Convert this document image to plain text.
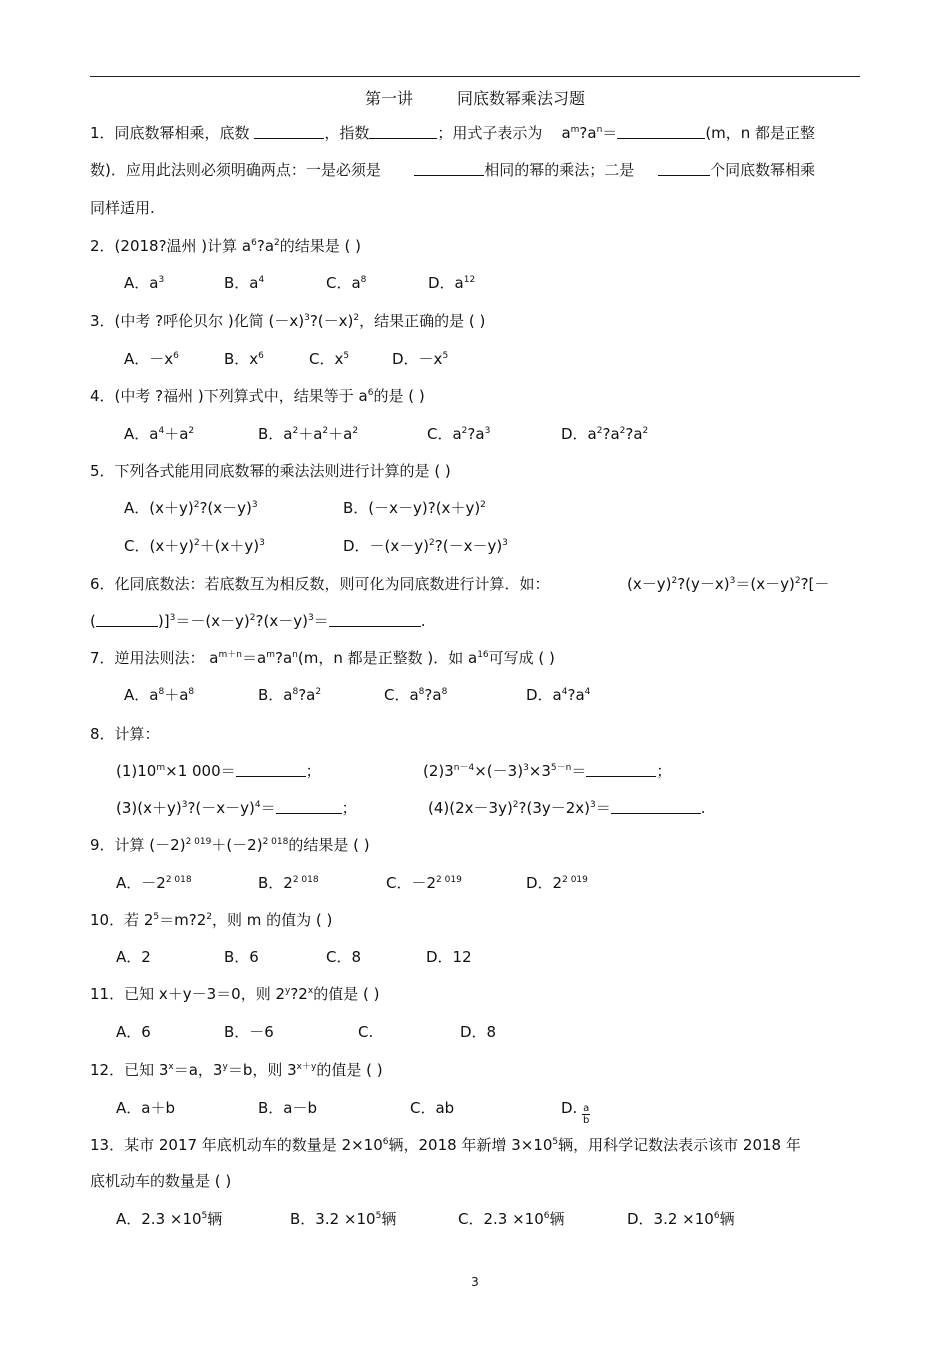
第一讲	同底数幂乘法习题
1．同底数幂相乘，底数	，指数	；用式子表示为 $a^m?a^n=$	(m，n 都是正整
数)．应用此法则必须明确两点：一是必须是	相同的幂的乘法；二是	个同底数幂相乘
同样适用.
2．(2018?温州 )计算 $a^6?a^2$的结果是 ( )
A．$a^3$	B．$a^4$	C．$a^8$	D．$a^{12}$
3．(中考 ?呼伦贝尔 )化简 $(-x)^3?(-x)^2$，结果正确的是 ( )
A．$-x^6$	B．$x^6$	C．$x^5$	D．$-x^5$
4．(中考 ?福州 )下列算式中，结果等于 $a^6$的是 ( )
A．$a^4+a^2$	B．$a^2+a^2+a^2$	C．$a^2?a^3$	D．$a^2?a^2?a^2$
5．下列各式能用同底数幂的乘法法则进行计算的是 ( )
A．$(x+y)^2?(x-y)^3$	B．$(-x-y)?(x+y)^2$
C．$(x+y)^2+(x+y)^3$	D．$-(x-y)^2?(-x-y)^3$
6．化同底数法：若底数互为相反数，则可化为同底数进行计算．如：	$(x-y)^2?(y-x)^3=(x-y)^2?[-$
(	)]$^3=-(x-y)^2?(x-y)^3=$	.
7．逆用法则法： $a^{m+n}=a^m?a^n(m$，n 都是正整数 )．如 $a^{16}$可写成 ( )
A．$a^8+a^8$	B．$a^8?a^2$	C．$a^8?a^8$	D．$a^4?a^4$
8．计算：
$(1)10^m\times 1$ 000＝	；	$(2)3^{n-4}\times(-3)^3\times 3^{5-n}=$	；
$(3)(x+y)^3?(-x-y)^4=$	；	$(4)(2x-3y)^2?(3y-2x)^3=$	.
9．计算 $(-2)^{2 019}+(-2)^{2 018}$的结果是 ( )
A．$-2^{2 018}$	B．$2^{2 018}$	C．$-2^{2 019}$	D．$2^{2 019}$
10．若 $2^5=m?2^2$，则 m 的值为 ( )
A．2	B．6	C．8	D．12
11．已知 x＋y－3＝0，则 2$^y$?2$^x$的值是 ( )
A．6	B．－6	C.	D．8
12．已知 $3^x=a$，$3^y=b$，则 $3^{x+y}$的值是 ( )
A．a＋b	B．a－b	C．ab	D. $\frac{a}{b}$
13．某市 2017 年底机动车的数量是 $2\times 10^6$辆，2018 年新增 $3\times 10^5$辆，用科学记数法表示该市 2018 年
底机动车的数量是 ( )
A．$2.3 \times 10^5$辆	B．$3.2 \times 10^5$辆	C．$2.3 \times 10^6$辆	D．$3.2 \times 10^6$辆
3
